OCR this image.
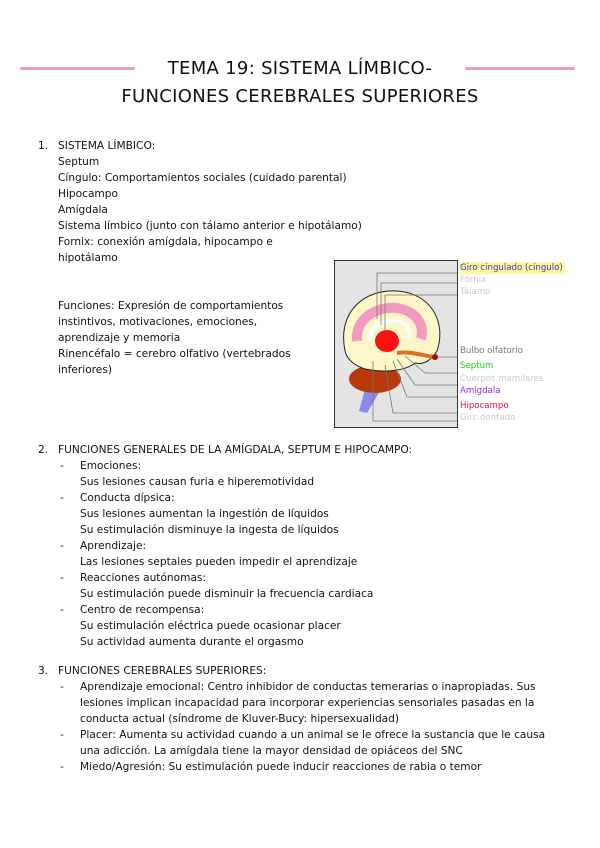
TEMA 19: SISTEMA LÍMBICO-
FUNCIONES CEREBRALES SUPERIORES
1. SISTEMA LÍMBICO:
Septum
Cíngulo: Comportamientos sociales (cuidado parental)
Hipocampo
Amígdala
Sistema límbico (junto con tálamo anterior e hipotálamo)
Fornix: conexión amígdala, hipocampo e
hipotálamo
Funciones: Expresión de comportamientos
instintivos, motivaciones, emociones,
aprendizaje y memoria
Rinencéfalo = cerebro olfativo (vertebrados
inferiores)
Giro cingulado (cíngulo)
Fórnix
Tálamo
Bulbo olfatorio
Septum
Cuerpos mamilares
Amígdala
Hipocampo
Girc dentado
2. FUNCIONES GENERALES DE LA AMÍGDALA, SEPTUM E HIPOCAMPO:
- Emociones:
Sus lesiones causan furia e hiperemotividad
- Conducta dípsica:
Sus lesiones aumentan la ingestión de líquidos
Su estimulación disminuye la ingesta de líquidos
- Aprendizaje:
Las lesiones septales pueden impedir el aprendizaje
- Reacciones autónomas:
Su estimulación puede disminuir la frecuencia cardiaca
- Centro de recompensa:
Su estimulación eléctrica puede ocasionar placer
Su actividad aumenta durante el orgasmo
3. FUNCIONES CEREBRALES SUPERIORES:
- Aprendizaje emocional: Centro inhibidor de conductas temerarias o inapropiadas. Sus
lesiones implican incapacidad para incorporar experiencias sensoriales pasadas en la
conducta actual (síndrome de Kluver-Bucy: hipersexualidad)
- Placer: Aumenta su actividad cuando a un animal se le ofrece la sustancia que le causa
una adicción. La amígdala tiene la mayor densidad de opiáceos del SNC
- Miedo/Agresión: Su estimulación puede inducir reacciones de rabia o temor
